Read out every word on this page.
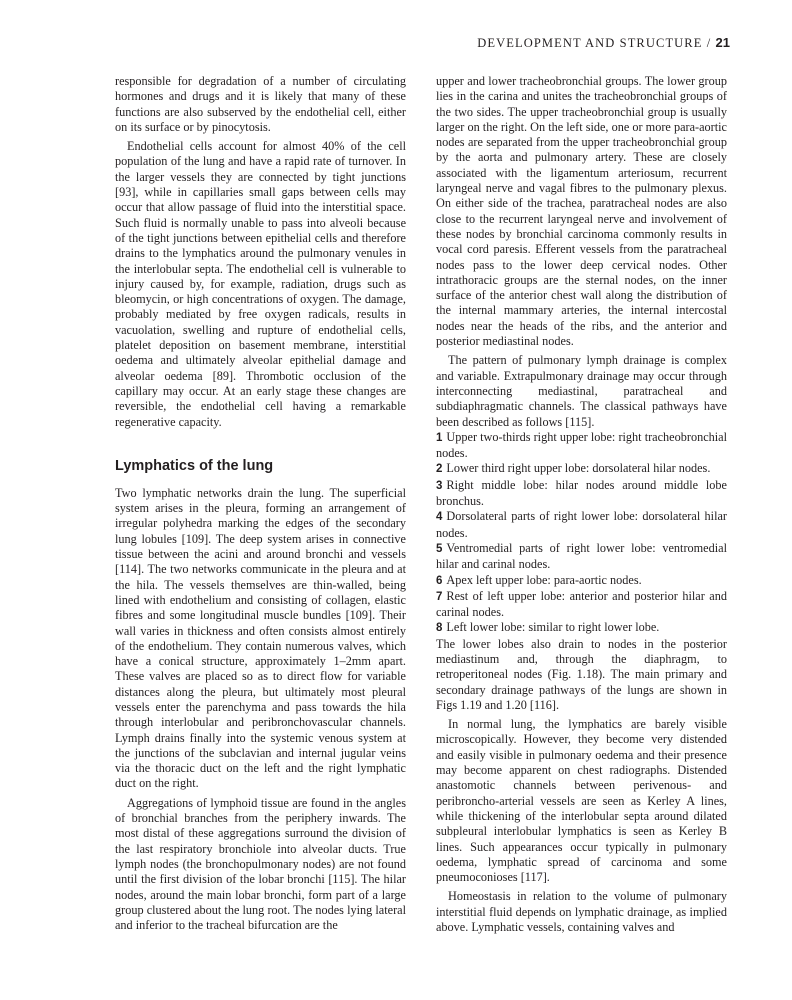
DEVELOPMENT AND STRUCTURE / 21

responsible for degradation of a number of circulating hormones and drugs and it is likely that many of these functions are also subserved by the endothelial cell, either on its surface or by pinocytosis.

Endothelial cells account for almost 40% of the cell population of the lung and have a rapid rate of turnover. In the larger vessels they are connected by tight junctions [93], while in capillaries small gaps between cells may occur that allow passage of fluid into the interstitial space. Such fluid is normally unable to pass into alveoli because of the tight junctions between epithelial cells and therefore drains to the lymphatics around the pulmonary venules in the interlobular septa. The endothelial cell is vulnerable to injury caused by, for example, radiation, drugs such as bleomycin, or high concentrations of oxygen. The damage, probably mediated by free oxygen radicals, results in vacuolation, swelling and rupture of endothelial cells, platelet deposition on basement membrane, interstitial oedema and ultimately alveolar epithelial damage and alveolar oedema [89]. Thrombotic occlusion of the capillary may occur. At an early stage these changes are reversible, the endothelial cell having a remarkable regenerative capacity.

Lymphatics of the lung

Two lymphatic networks drain the lung. The superficial system arises in the pleura, forming an arrangement of irregular polyhedra marking the edges of the secondary lung lobules [109]. The deep system arises in connective tissue between the acini and around bronchi and vessels [114]. The two networks communicate in the pleura and at the hila. The vessels themselves are thin-walled, being lined with endothelium and consisting of collagen, elastic fibres and some longitudinal muscle bundles [109]. Their wall varies in thickness and often consists almost entirely of the endothelium. They contain numerous valves, which have a conical structure, approximately 1–2mm apart. These valves are placed so as to direct flow for variable distances along the pleura, but ultimately most pleural vessels enter the parenchyma and pass towards the hila through interlobular and peribronchovascular channels. Lymph drains finally into the systemic venous system at the junctions of the subclavian and internal jugular veins via the thoracic duct on the left and the right lymphatic duct on the right.

Aggregations of lymphoid tissue are found in the angles of bronchial branches from the periphery inwards. The most distal of these aggregations surround the division of the last respiratory bronchiole into alveolar ducts. True lymph nodes (the bronchopulmonary nodes) are not found until the first division of the lobar bronchi [115]. The hilar nodes, around the main lobar bronchi, form part of a large group clustered about the lung root. The nodes lying lateral and inferior to the tracheal bifurcation are the

upper and lower tracheobronchial groups. The lower group lies in the carina and unites the tracheobronchial groups of the two sides. The upper tracheobronchial group is usually larger on the right. On the left side, one or more para-aortic nodes are separated from the upper tracheobronchial group by the aorta and pulmonary artery. These are closely associated with the ligamentum arteriosum, recurrent laryngeal nerve and vagal fibres to the pulmonary plexus. On either side of the trachea, paratracheal nodes are also close to the recurrent laryngeal nerve and involvement of these nodes by bronchial carcinoma commonly results in vocal cord paresis. Efferent vessels from the paratracheal nodes pass to the lower deep cervical nodes. Other intrathoracic groups are the sternal nodes, on the inner surface of the anterior chest wall along the distribution of the internal mammary arteries, the internal intercostal nodes near the heads of the ribs, and the anterior and posterior mediastinal nodes.

The pattern of pulmonary lymph drainage is complex and variable. Extrapulmonary drainage may occur through interconnecting mediastinal, paratracheal and subdiaphragmatic channels. The classical pathways have been described as follows [115].

1 Upper two-thirds right upper lobe: right tracheobronchial nodes.

2 Lower third right upper lobe: dorsolateral hilar nodes.

3 Right middle lobe: hilar nodes around middle lobe bronchus.

4 Dorsolateral parts of right lower lobe: dorsolateral hilar nodes.

5 Ventromedial parts of right lower lobe: ventromedial hilar and carinal nodes.

6 Apex left upper lobe: para-aortic nodes.

7 Rest of left upper lobe: anterior and posterior hilar and carinal nodes.

8 Left lower lobe: similar to right lower lobe.

The lower lobes also drain to nodes in the posterior mediastinum and, through the diaphragm, to retroperitoneal nodes (Fig. 1.18). The main primary and secondary drainage pathways of the lungs are shown in Figs 1.19 and 1.20 [116].

In normal lung, the lymphatics are barely visible microscopically. However, they become very distended and easily visible in pulmonary oedema and their presence may become apparent on chest radiographs. Distended anastomotic channels between perivenous- and peribroncho-arterial vessels are seen as Kerley A lines, while thickening of the interlobular septa around dilated subpleural interlobular lymphatics is seen as Kerley B lines. Such appearances occur typically in pulmonary oedema, lymphatic spread of carcinoma and some pneumoconioses [117].

Homeostasis in relation to the volume of pulmonary interstitial fluid depends on lymphatic drainage, as implied above. Lymphatic vessels, containing valves and
